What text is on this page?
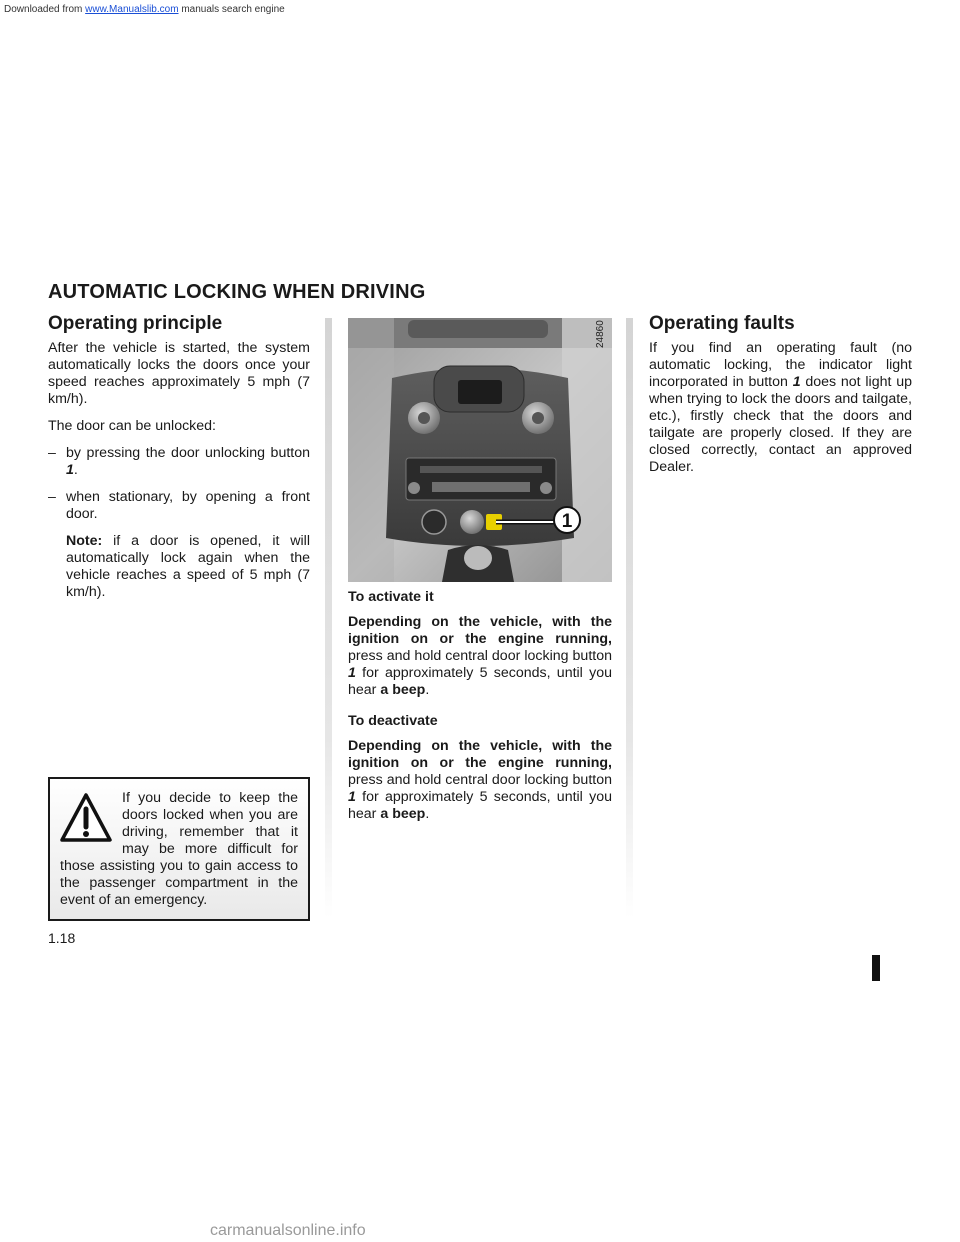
Downloaded from www.Manualslib.com manuals search engine
AUTOMATIC LOCKING WHEN DRIVING
Operating principle

After the vehicle is started, the system automatically locks the doors once your speed reaches approximately 5 mph (7 km/h).

The door can be unlocked:

– by pressing the door unlocking button 1.
– when stationary, by opening a front door.

Note: if a door is opened, it will automatically lock again when the vehicle reaches a speed of 5 mph (7 km/h).

If you decide to keep the doors locked when you are driving, remember that it may be more difficult for those assisting you to gain access to the passenger compartment in the event of an emergency.
1.18
1
24860

To activate it

Depending on the vehicle, with the ignition on or the engine running, press and hold central door locking button 1 for approximately 5 seconds, until you hear a beep.

To deactivate

Depending on the vehicle, with the ignition on or the engine running, press and hold central door locking button 1 for approximately 5 seconds, until you hear a beep.

Operating faults

If you find an operating fault (no automatic locking, the indicator light incorporated in button 1 does not light up when trying to lock the doors and tailgate, etc.), firstly check that the doors and tailgate are properly closed. If they are closed correctly, contact an approved Dealer.

carmanualsonline.info
